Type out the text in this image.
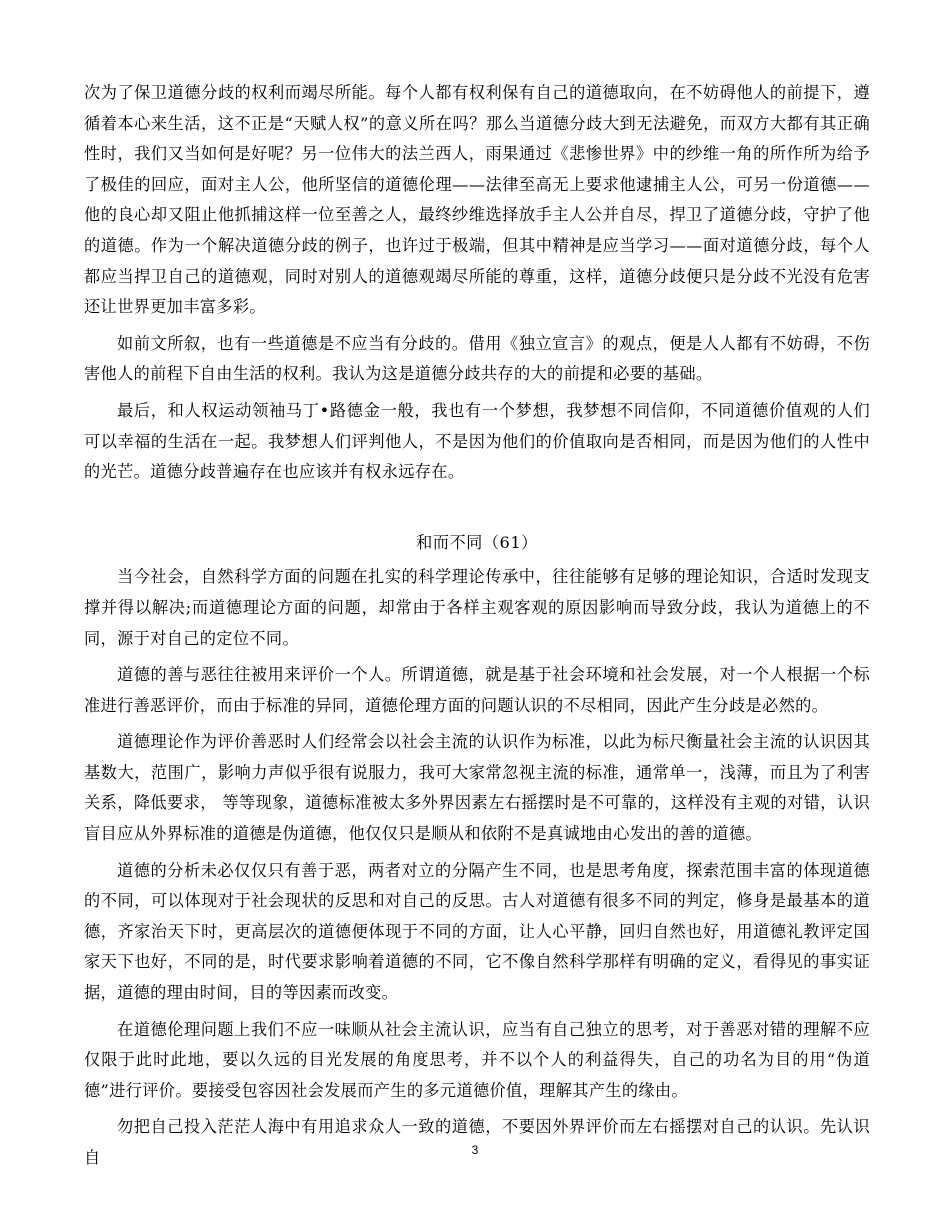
次为了保卫道德分歧的权利而竭尽所能。每个人都有权利保有自己的道德取向，在不妨碍他人的前提下，遵循着本心来生活，这不正是“天赋人权”的意义所在吗？那么当道德分歧大到无法避免，而双方大都有其正确性时，我们又当如何是好呢？另一位伟大的法兰西人，雨果通过《悲惨世界》中的纱维一角的所作所为给予了极佳的回应，面对主人公，他所坚信的道德伦理——法律至高无上要求他逮捕主人公，可另一份道德——他的良心却又阻止他抓捕这样一位至善之人，最终纱维选择放手主人公并自尽，捍卫了道德分歧，守护了他的道德。作为一个解决道德分歧的例子，也许过于极端，但其中精神是应当学习——面对道德分歧，每个人都应当捍卫自己的道德观，同时对别人的道德观竭尽所能的尊重，这样，道德分歧便只是分歧不光没有危害还让世界更加丰富多彩。

如前文所叙，也有一些道德是不应当有分歧的。借用《独立宣言》的观点，便是人人都有不妨碍，不伤害他人的前程下自由生活的权利。我认为这是道德分歧共存的大的前提和必要的基础。

最后，和人权运动领袖马丁•路德金一般，我也有一个梦想，我梦想不同信仰，不同道德价值观的人们可以幸福的生活在一起。我梦想人们评判他人，不是因为他们的价值取向是否相同，而是因为他们的人性中的光芒。道德分歧普遍存在也应该并有权永远存在。

和而不同（61）

当今社会，自然科学方面的问题在扎实的科学理论传承中，往往能够有足够的理论知识，合适时发现支撑并得以解决;而道德理论方面的问题，却常由于各样主观客观的原因影响而导致分歧，我认为道德上的不同，源于对自己的定位不同。

道德的善与恶往往被用来评价一个人。所谓道德，就是基于社会环境和社会发展，对一个人根据一个标准进行善恶评价，而由于标准的异同，道德伦理方面的问题认识的不尽相同，因此产生分歧是必然的。

道德理论作为评价善恶时人们经常会以社会主流的认识作为标准，以此为标尺衡量社会主流的认识因其基数大，范围广，影响力声似乎很有说服力，我可大家常忽视主流的标准，通常单一，浅薄，而且为了利害关系，降低要求， 等等现象，道德标准被太多外界因素左右摇摆时是不可靠的，这样没有主观的对错，认识盲目应从外界标准的道德是伪道德，他仅仅只是顺从和依附不是真诚地由心发出的善的道德。

道德的分析未必仅仅只有善于恶，两者对立的分隔产生不同，也是思考角度，探索范围丰富的体现道德的不同，可以体现对于社会现状的反思和对自己的反思。古人对道德有很多不同的判定，修身是最基本的道德，齐家治天下时，更高层次的道德便体现于不同的方面，让人心平静，回归自然也好，用道德礼教评定国家天下也好，不同的是，时代要求影响着道德的不同，它不像自然科学那样有明确的定义，看得见的事实证据，道德的理由时间，目的等因素而改变。

在道德伦理问题上我们不应一味顺从社会主流认识，应当有自己独立的思考，对于善恶对错的理解不应仅限于此时此地，要以久远的目光发展的角度思考，并不以个人的利益得失，自己的功名为目的用“伪道德”进行评价。要接受包容因社会发展而产生的多元道德价值，理解其产生的缘由。

勿把自己投入茫茫人海中有用追求众人一致的道德，不要因外界评价而左右摇摆对自己的认识。先认识自	3
